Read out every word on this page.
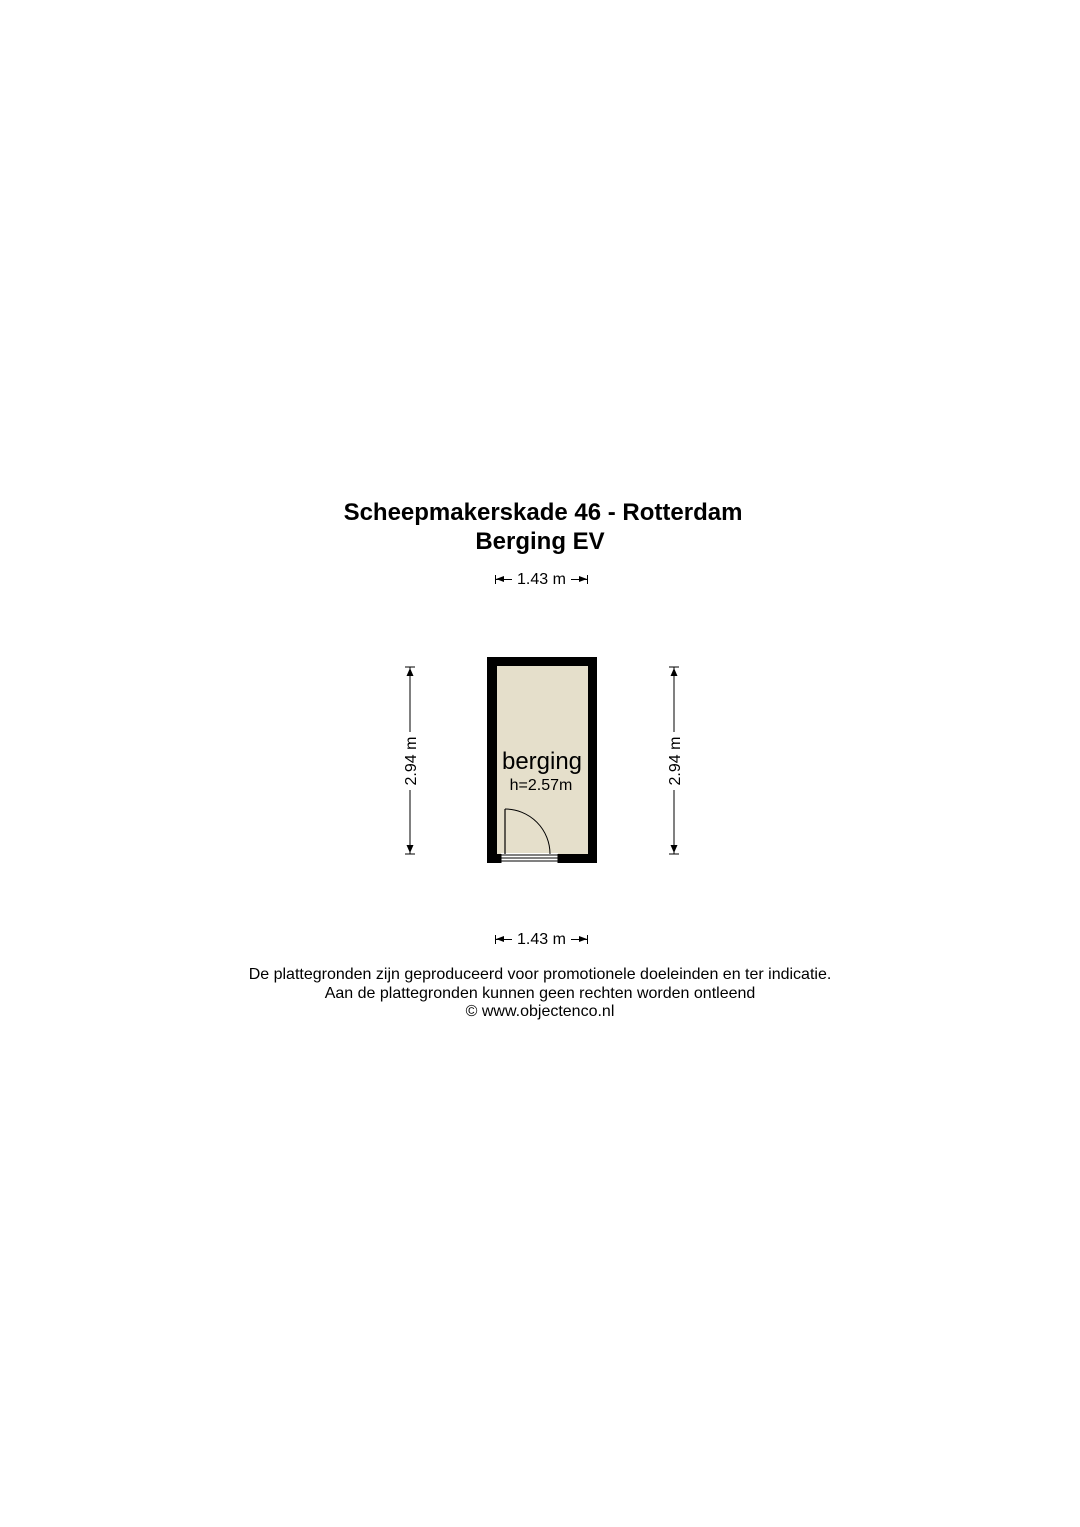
Scheepmakerskade 46 - Rotterdam
Berging EV
1.43 m
1.43 m
2.94 m	2.94 m
berging
h=2.57m
De plattegronden zijn geproduceerd voor promotionele doeleinden en ter indicatie.
Aan de plattegronden kunnen geen rechten worden ontleend
© www.objectenco.nl
